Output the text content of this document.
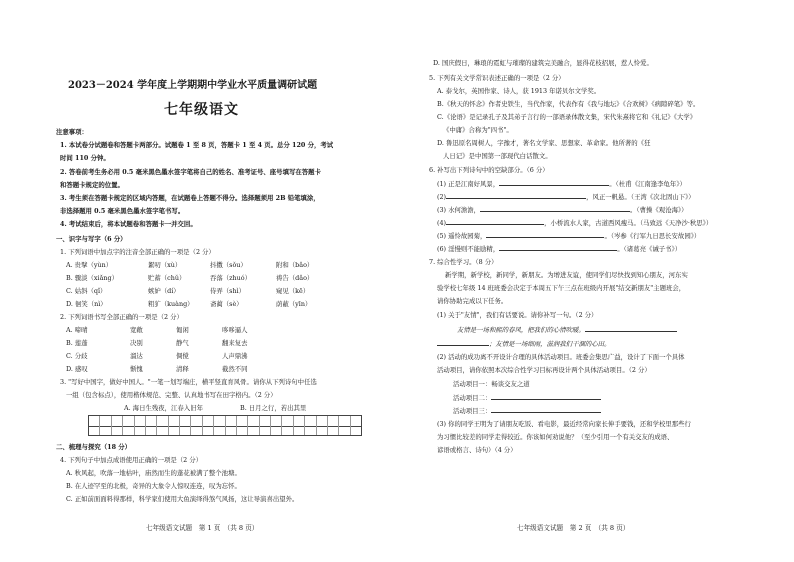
2023－2024 学年度上学期期中学业水平质量调研试题
七年级语文
注意事项：
1. 本试卷分试题卷和答题卡两部分。试题卷 1 至 8 页，答题卡 1 至 4 页。总分 120 分，考试
时间 110 分钟。
2. 答卷前考生务必用 0.5 毫米黑色墨水签字笔将自己的姓名、准考证号、座号填写在答题卡
和答题卡规定的位置。
3. 考生须在答题卡规定的区域内答题，在试题卷上答题不得分。选择题须用 2B 铅笔填涂，
非选择题用 0.5 毫米黑色墨水签字笔书写。
4. 考试结束后，将本试题卷和答题卡一并交回。
一、识字与写字（6 分）
1. 下列词语中加点字的注音全部正确的一项是（2 分）
A. 贵擘（yùn）	絮叨（xù）	抖擞（sǒu）	附和（bǎo）
B. 骤淡（xiǎng）	贮蓄（chǔ）	吞落（zhuó）	祷告（dǎo）
C. 姑斜（qǐ）	嫉妒（dí）	侍弄（shì）	窥见（kē）
D. 徊笑（nì）	粗犷（kuàng）	斋蔺（sè）	荫蔽（yīn）
2. 下列词语书写全部正确的一项是（2 分）
A. 啼晴	宽敞	匍闲	哆哆逼人
B. 莲蓬	决别	静气	翻来复去
C. 分歧	溜达	倜傥	人声鼎沸
D. 感叹	惭愧	清释	截然不同
3. "写好中国字，做好中国人。"一笔一划写端庄，横平竖直育风骨。请你从下列诗句中任选
一组（包含标点），使用楷体规范、完整、认真地书写在田字格内。（2 分）
A. 海日生残夜，江春入旧年	B. 日月之行，若出其里
二、梳理与探究（18 分）
4. 下列句子中加点成语使用正确的一项是（2 分）
A. 秋风起，吹落一地枯叶，庙然而生的蓬花被满了整个池塘。
B. 在人迹罕至的北极，奇异的大象令人惊叹连连，叹为忘怀。
C. 正如前面面料得那样，科学家们使用大鱼演绎得煞气风扬，这让导演喜出望外。
七年级语文试题　第 1 页　（共 8 页）
D. 国庆假日，琳琅的霓虹与璀璨的建筑完美融合，显得花枝招展，惹人怜爱。
5. 下列有关文学常识表述正确的一项是（2 分）
A. 泰戈尔，英国作家、诗人，获 1913 年诺贝尔文学奖。
B.《秋天的怀念》作者史铁生，当代作家，代表作有《我与地坛》《合欢树》《病隙碎笔》等。
C.《论语》是记录孔子及其弟子言行的一部语录体散文集，宋代朱熹将它和《礼记》《大学》
《中庸》合称为"四书"。
D. 鲁迅原名周树人，字豫才，著名文学家、思想家、革命家。他所著的《狂
人日记》是中国第一部现代白话散文。
6. 补写出下列诗句中的空缺部分。（6 分）
(1) 正是江南好风景，	。（杜甫《江南逢李龟年》）
(2)	，风正一帆悬。（王湾《次北固山下》）
(3) 水何澹澹，	。（曹操《观沧海》）
(4)	，小桥流水人家，古道西风瘦马。（马致远《天净沙·秋思》）
(5) 遥怜故园菊，	。（岑参《行军九日思长安故园》）
(6) 淫慢则不能励精，	。（诸葛亮《诫子书》）
7. 综合性学习。（8 分）
新学期，新学校，新同学，新朋友。为增进友谊，使同学们尽快找到知心朋友，河东实
验学校七年级 14 班班委会决定于本周五下午三点在班级内开展"结交新朋友"主题班会，
请你协助完成以下任务。
(1) 关于"友情"，我们有话要说。请你补写一句。（2 分）
友情是一场和熙的春风，把我们的心情吹暖。
；友情是一场细雨，滋润我们干涸的心田。
(2) 活动的成功离不开设计合理的具体活动项目。班委会集思广益，设计了下面一个具体
活动项目，请你依照本次综合性学习目标再设计两个具体活动项目。（2 分）
活动项目一：畅谈交友之道
活动项目二：
活动项目三：
(3) 你的同学王明为了请朋友吃饭、看电影，最近经常向家长伸手要钱，还和学校里那些行
为习惯比较差的同学走得较近。你该如何劝说他？（至少引用一个有关交友的成语、
谚语或格言、诗句）（4 分）
七年级语文试题　第 2 页　（共 8 页）
